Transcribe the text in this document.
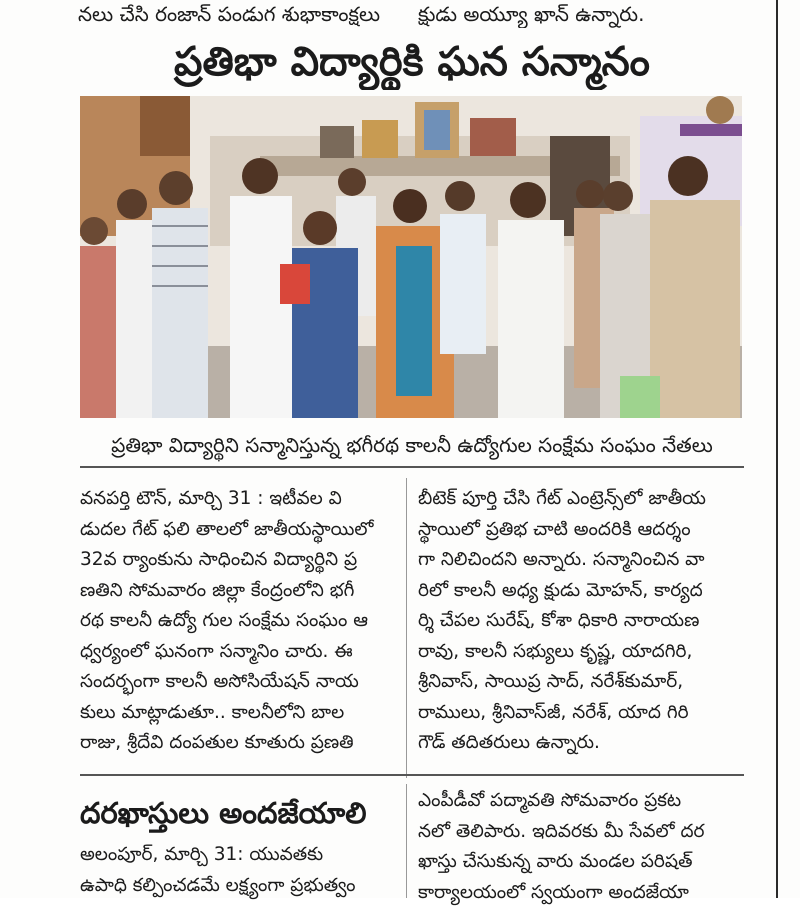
నలు చేసి రంజాన్ పండుగ శుభాకాంక్షలు	క్షుడు అయ్యూ ఖాన్ ఉన్నారు.
ప్రతిభా విద్యార్థికి ఘన సన్మానం
ప్రతిభా విద్యార్థిని సన్మానిస్తున్న భగీరథ కాలనీ ఉద్యోగుల సంక్షేమ సంఘం నేతలు

వనపర్తి టౌన్, మార్చి 31 : ఇటీవల వి

డుదల గేట్ ఫలి తాలలో జాతీయస్థాయిలో

32వ ర్యాంకును సాధించిన విద్యార్థిని ప్ర

ణతిని సోమవారం జిల్లా కేంద్రంలోని భగీ

రథ కాలనీ ఉద్యో గుల సంక్షేమ సంఘం ఆ

ధ్వర్యంలో ఘనంగా సన్మానిం చారు. ఈ

సందర్భంగా కాలనీ అసోసియేషన్ నాయ

కులు మాట్లాడుతూ.. కాలనీలోని బాల

రాజు, శ్రీదేవి దంపతుల కూతురు ప్రణతి

బీటెక్ పూర్తి చేసి గేట్ ఎంట్రెన్స్‌లో జాతీయ

స్థాయిలో ప్రతిభ చాటి అందరికి ఆదర్శం

గా నిలిచిందని అన్నారు. సన్మానించిన వా

రిలో కాలనీ అధ్య క్షుడు మోహన్, కార్యద

ర్శి చేపల సురేష్, కోశా ధికారి నారాయణ

రావు, కాలనీ సభ్యులు కృష్ణ, యాదగిరి,

శ్రీనివాస్, సాయిప్ర సాద్, నరేశ్‌కుమార్,

రాములు, శ్రీనివాస్‌జీ, నరేశ్, యాద గిరి

గౌడ్ తదితరులు ఉన్నారు.

దరఖాస్తులు అందజేయాలి

అలంపూర్, మార్చి 31: యువతకు

ఉపాధి కల్పించడమే లక్ష్యంగా ప్రభుత్వం

ఎంపీడీవో పద్మావతి సోమవారం ప్రకట

నలో తెలిపారు. ఇదివరకు మీ సేవలో దర

ఖాస్తు చేసుకున్న వారు మండల పరిషత్

కార్యాలయంలో స్వయంగా అందజేయా
